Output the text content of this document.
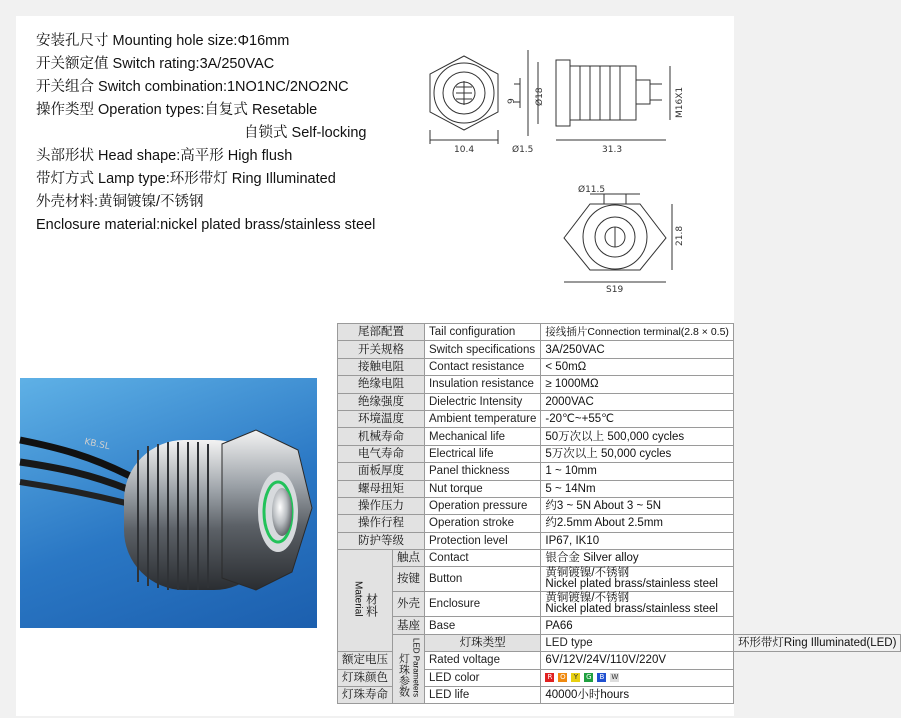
安装孔尺寸 Mounting hole size:Φ16mm
开关额定值 Switch rating:3A/250VAC
开关组合 Switch combination:1NO1NC/2NO2NC
操作类型 Operation types:自复式 Resetable
自锁式 Self-locking
头部形状 Head shape:高平形 High flush
带灯方式 Lamp type:环形带灯 Ring Illuminated
外壳材料:黄铜镀镍/不锈钢
Enclosure material:nickel plated brass/stainless steel
10.4
9 Ø18
Ø1.5	31.3
M16X1
Ø11.5
21.8
S19
KB.SL
尾部配置		Tail configuration	接线插片Connection terminal(2.8 × 0.5)	
开关规格		Switch specifications	3A/250VAC	
接触电阻		Contact resistance	< 50mΩ	
绝缘电阻		Insulation resistance	≥ 1000MΩ	
绝缘强度		Dielectric Intensity	2000VAC	
环境温度		Ambient temperature	-20℃~+55℃	
机械寿命		Mechanical life	50万次以上 500,000 cycles	
电气寿命		Electrical life	5万次以上 50,000 cycles	
面板厚度		Panel thickness	1 ~ 10mm	
螺母扭矩		Nut torque	5 ~ 14Nm	
操作压力		Operation pressure	约3 ~ 5N About 3 ~ 5N	
操作行程		Operation stroke	约2.5mm About 2.5mm	
防护等级		Protection level	IP67, IK10	
Material 材料	触点	Contact	银合金 Silver alloy	
	按键	Button	黄铜镀镍/不锈钢
Nickel plated brass/stainless steel	

	外壳	Enclosure	黄铜镀镍/不锈钢
Nickel plated brass/stainless steel	

	基座	Base	PA66	
	灯珠参数 LED Parameters	灯珠类型	LED type	环形带灯Ring Illuminated(LED)
额定电压		Rated voltage	6V/12V/24V/110V/220V	
灯珠颜色		LED color	R O Y G B W	
灯珠寿命		LED life	40000小时hours	
